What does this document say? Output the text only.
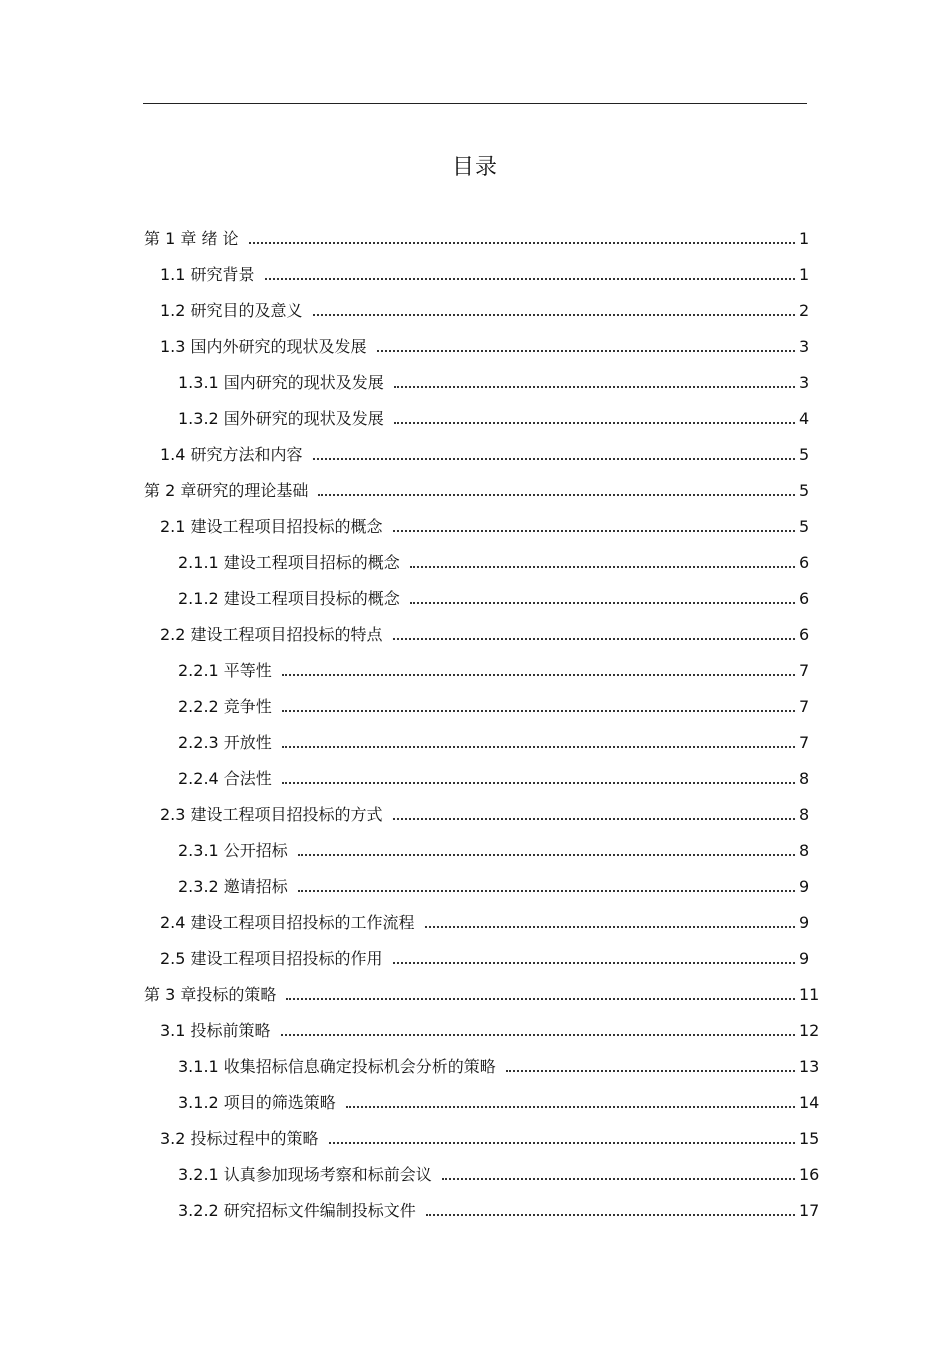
目录
第 1 章 绪 论	1
1.1 研究背景	1
1.2 研究目的及意义	2
1.3 国内外研究的现状及发展	3
1.3.1 国内研究的现状及发展	3
1.3.2 国外研究的现状及发展	4
1.4 研究方法和内容	5
第 2 章研究的理论基础	5
2.1 建设工程项目招投标的概念	5
2.1.1 建设工程项目招标的概念	6
2.1.2 建设工程项目投标的概念	6
2.2 建设工程项目招投标的特点	6
2.2.1 平等性	7
2.2.2 竞争性	7
2.2.3 开放性	7
2.2.4 合法性	8
2.3 建设工程项目招投标的方式	8
2.3.1 公开招标	8
2.3.2 邀请招标	9
2.4 建设工程项目招投标的工作流程	9
2.5 建设工程项目招投标的作用	9
第 3 章投标的策略	11
3.1 投标前策略	12
3.1.1 收集招标信息确定投标机会分析的策略	13
3.1.2 项目的筛选策略	14
3.2 投标过程中的策略	15
3.2.1 认真参加现场考察和标前会议	16
3.2.2 研究招标文件编制投标文件	17
